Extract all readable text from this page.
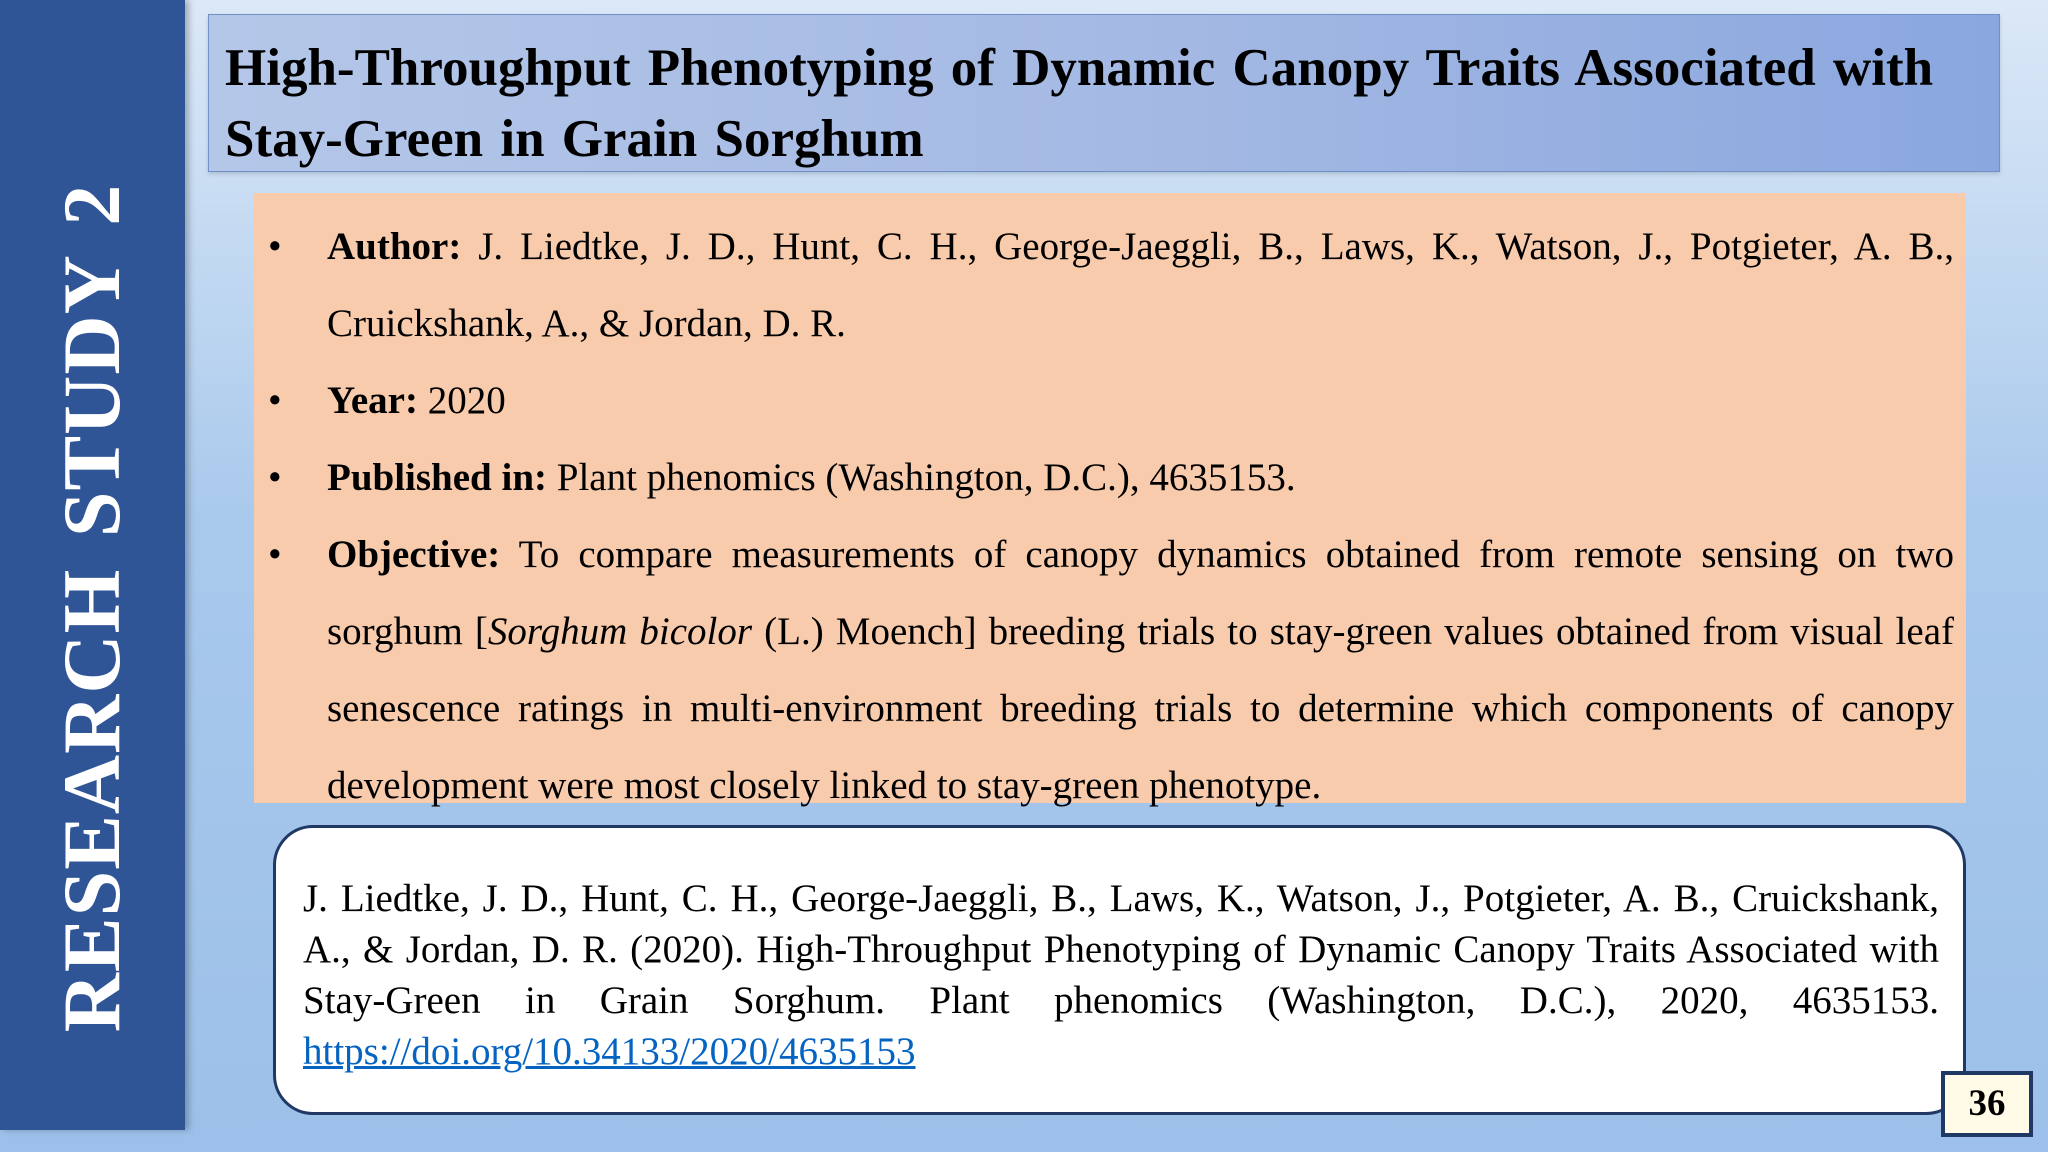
RESEARCH STUDY 2
High-Throughput Phenotyping of Dynamic Canopy Traits Associated with Stay-Green in Grain Sorghum
• Author: J. Liedtke, J. D., Hunt, C. H., George-Jaeggli, B., Laws, K., Watson, J., Potgieter, A. B., Cruickshank, A., & Jordan, D. R.
• Year: 2020
• Published in: Plant phenomics (Washington, D.C.), 4635153.
• Objective: To compare measurements of canopy dynamics obtained from remote sensing on two sorghum [Sorghum bicolor (L.) Moench] breeding trials to stay-green values obtained from visual leaf senescence ratings in multi-environment breeding trials to determine which components of canopy development were most closely linked to stay-green phenotype.

J. Liedtke, J. D., Hunt, C. H., George-Jaeggli, B., Laws, K., Watson, J., Potgieter, A. B., Cruickshank, A., & Jordan, D. R. (2020). High-Throughput Phenotyping of Dynamic Canopy Traits Associated with Stay-Green in Grain Sorghum. Plant phenomics (Washington, D.C.), 2020, 4635153. https://doi.org/10.34133/2020/4635153

36
